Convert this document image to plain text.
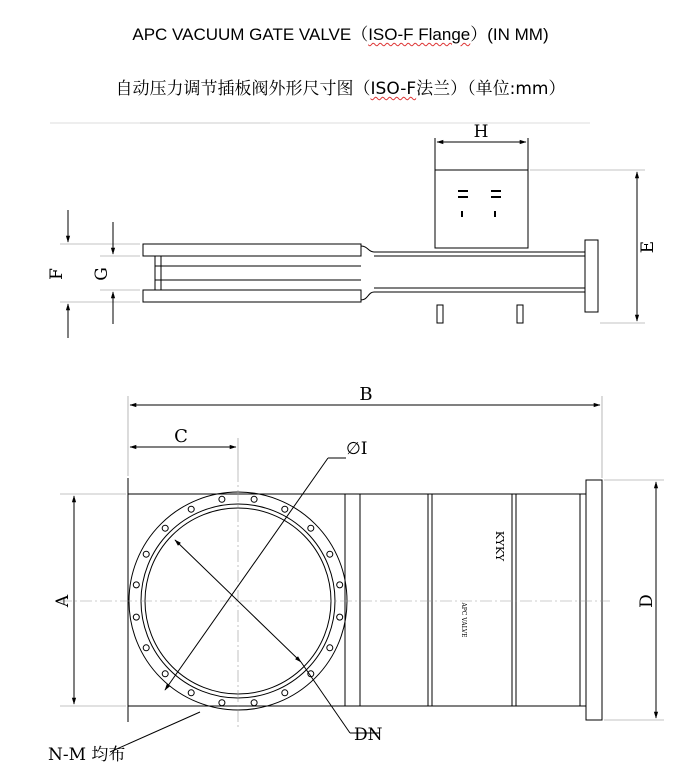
APC VACUUM GATE VALVE（ISO-F Flange）(IN MM)
自动压力调节插板阀外形尺寸图（ISO-F法兰）（单位:mm）
H
E
F G
KYKY
APC VALVE
B
C
∅I
A	D
DN
N-M 均布
